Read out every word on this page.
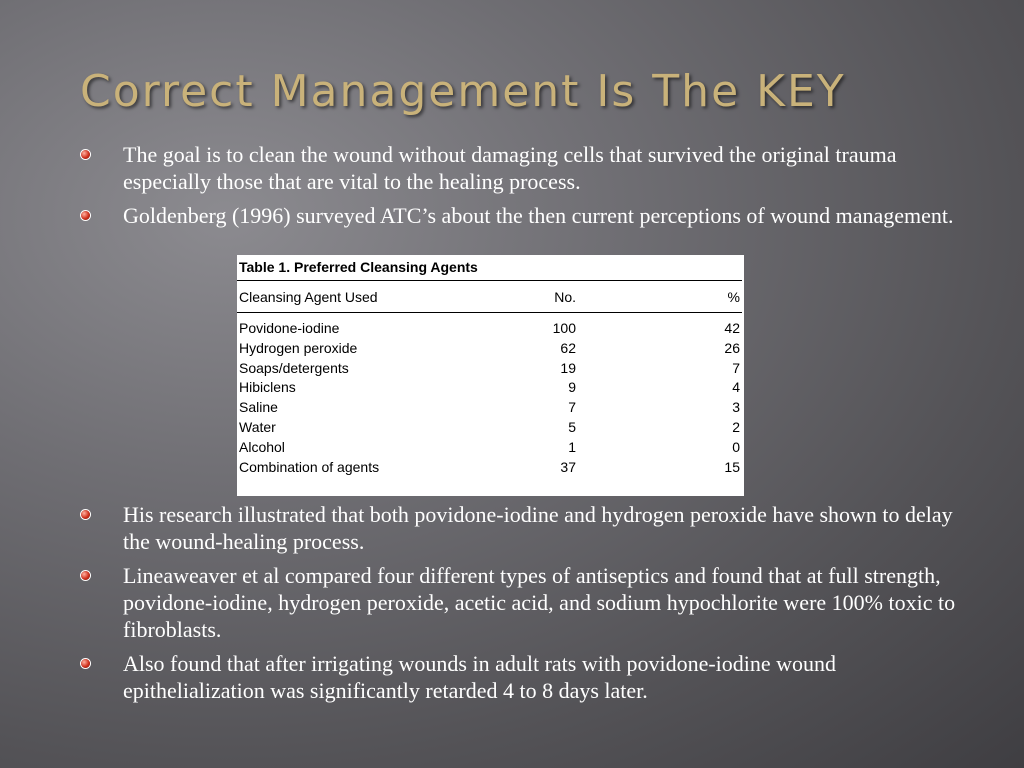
Correct Management Is The KEY
The goal is to clean the wound without damaging cells that survived the original trauma especially those that are vital to the healing process.
Goldenberg (1996) surveyed ATC’s about the then current perceptions of wound management.
Table 1. Preferred Cleansing Agents
Cleansing Agent Used	No.	%
Povidone-iodine	100	42
Hydrogen peroxide	62	26
Soaps/detergents	19	7
Hibiclens	9	4
Saline	7	3
Water	5	2
Alcohol	1	0
Combination of agents	37	15
His research illustrated that both povidone-iodine and hydrogen peroxide have shown to delay the wound-healing process.
Lineaweaver et al compared four different types of antiseptics and found that at full strength, povidone-iodine, hydrogen peroxide, acetic acid, and sodium hypochlorite were 100% toxic to fibroblasts.
Also found that after irrigating wounds in adult rats with povidone-iodine wound epithelialization was significantly retarded 4 to 8 days later.
